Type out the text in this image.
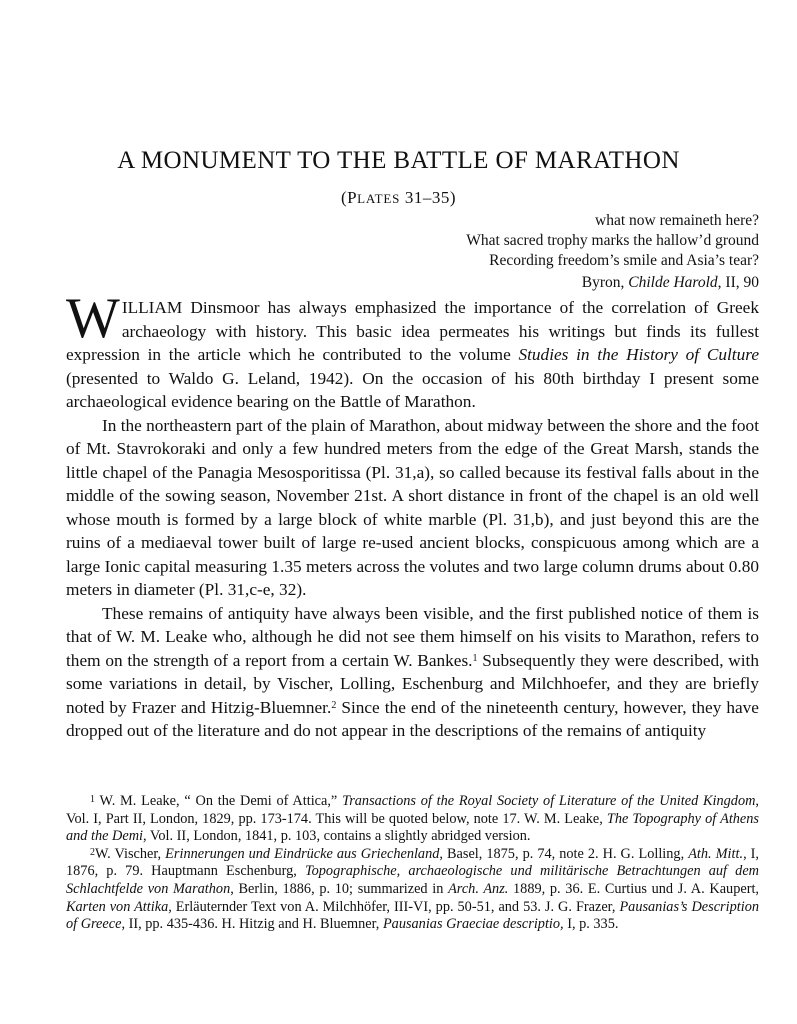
A MONUMENT TO THE BATTLE OF MARATHON
(PLATES 31–35)
what now remaineth here?
What sacred trophy marks the hallow’d ground
Recording freedom’s smile and Asia’s tear?
Byron, Childe Harold, II, 90

WILLIAM Dinsmoor has always emphasized the importance of the correlation of Greek archaeology with history. This basic idea permeates his writings but finds its fullest expression in the article which he contributed to the volume Studies in the History of Culture (presented to Waldo G. Leland, 1942). On the occasion of his 80th birthday I present some archaeological evidence bearing on the Battle of Marathon.

In the northeastern part of the plain of Marathon, about midway between the shore and the foot of Mt. Stavrokoraki and only a few hundred meters from the edge of the Great Marsh, stands the little chapel of the Panagia Mesosporitissa (Pl. 31,a), so called because its festival falls about in the middle of the sowing season, November 21st. A short distance in front of the chapel is an old well whose mouth is formed by a large block of white marble (Pl. 31,b), and just beyond this are the ruins of a mediaeval tower built of large re-used ancient blocks, conspicuous among which are a large Ionic capital measuring 1.35 meters across the volutes and two large column drums about 0.80 meters in diameter (Pl. 31,c-e, 32).

These remains of antiquity have always been visible, and the first published notice of them is that of W. M. Leake who, although he did not see them himself on his visits to Marathon, refers to them on the strength of a report from a certain W. Bankes.$^1$ Subsequently they were described, with some variations in detail, by Vischer, Lolling, Eschenburg and Milchhoefer, and they are briefly noted by Frazer and Hitzig-Bluemner.$^2$ Since the end of the nineteenth century, however, they have dropped out of the literature and do not appear in the descriptions of the remains of antiquity

$^1$ W. M. Leake, “ On the Demi of Attica,” Transactions of the Royal Society of Literature of the United Kingdom, Vol. I, Part II, London, 1829, pp. 173-174. This will be quoted below, note 17. W. M. Leake, The Topography of Athens and the Demi, Vol. II, London, 1841, p. 103, contains a slightly abridged version.

$^2$W. Vischer, Erinnerungen und Eindrücke aus Griechenland, Basel, 1875, p. 74, note 2. H. G. Lolling, Ath. Mitt., I, 1876, p. 79. Hauptmann Eschenburg, Topographische, archaeologische und militärische Betrachtungen auf dem Schlachtfelde von Marathon, Berlin, 1886, p. 10; summarized in Arch. Anz. 1889, p. 36. E. Curtius und J. A. Kaupert, Karten von Attika, Erläuternder Text von A. Milchhöfer, III-VI, pp. 50-51, and 53. J. G. Frazer, Pausanias’s Description of Greece, II, pp. 435-436. H. Hitzig and H. Bluemner, Pausanias Graeciae descriptio, I, p. 335.
